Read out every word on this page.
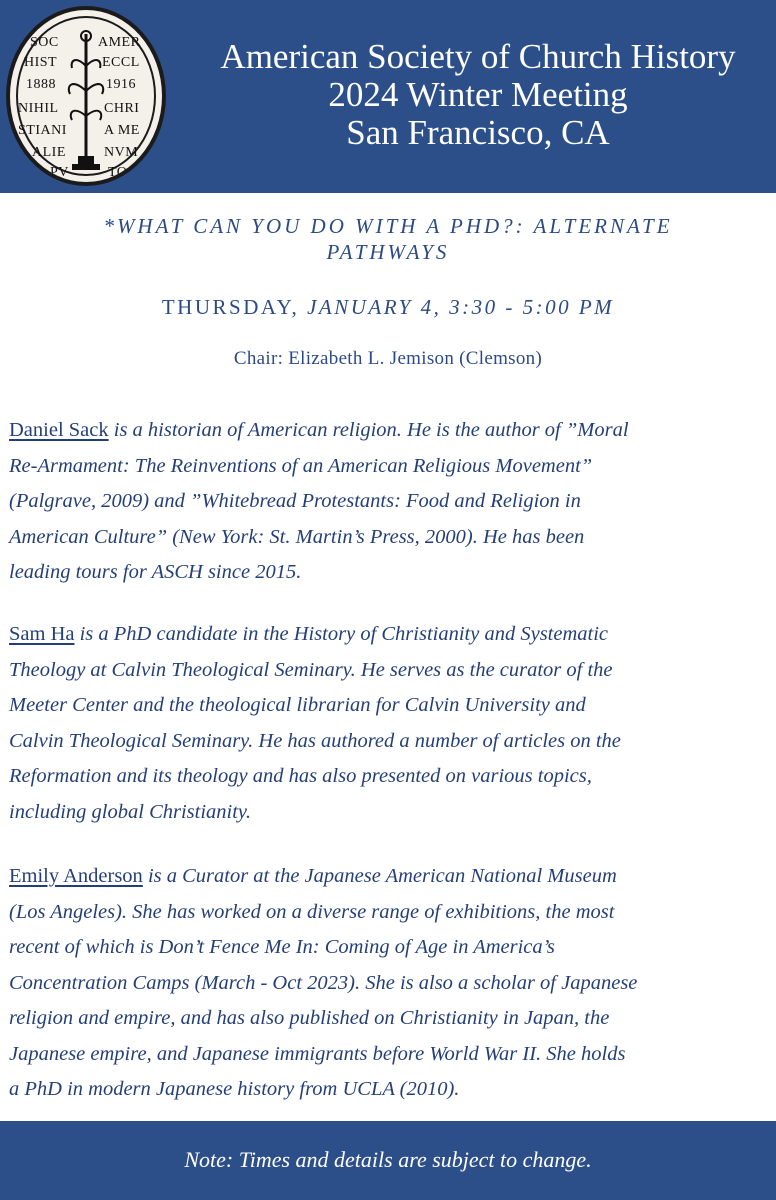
SOC	AMER
HIST	ECCL
1888	1916
NIHIL	CHRI
STIANI	A ME
ALIE	NVM
PV	TO
American Society of Church History
2024 Winter Meeting
San Francisco, CA
*WHAT CAN YOU DO WITH A PHD?: ALTERNATE
PATHWAYS
THURSDAY, JANUARY 4, 3:30 - 5:00 PM
Chair: Elizabeth L. Jemison (Clemson)
Daniel Sack is a historian of American religion. He is the author of ”Moral
Re-Armament: The Reinventions of an American Religious Movement”
(Palgrave, 2009) and ”Whitebread Protestants: Food and Religion in
American Culture” (New York: St. Martin’s Press, 2000). He has been
leading tours for ASCH since 2015.
Sam Ha is a PhD candidate in the History of Christianity and Systematic
Theology at Calvin Theological Seminary. He serves as the curator of the
Meeter Center and the theological librarian for Calvin University and
Calvin Theological Seminary. He has authored a number of articles on the
Reformation and its theology and has also presented on various topics,
including global Christianity.
Emily Anderson is a Curator at the Japanese American National Museum
(Los Angeles). She has worked on a diverse range of exhibitions, the most
recent of which is Don’t Fence Me In: Coming of Age in America’s
Concentration Camps (March - Oct 2023). She is also a scholar of Japanese
religion and empire, and has also published on Christianity in Japan, the
Japanese empire, and Japanese immigrants before World War II. She holds
a PhD in modern Japanese history from UCLA (2010).
Note: Times and details are subject to change.
